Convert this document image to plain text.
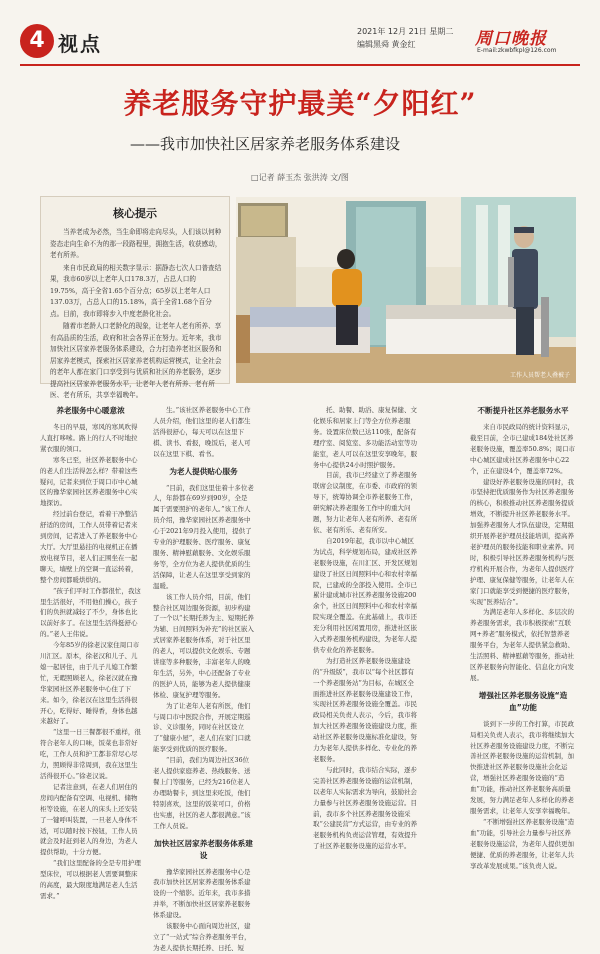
4 视点
2021年 12月 21日 星期二
编辑黑舜 黄金红	周口晚报
E-mail:zkwbfkpl@126.com
养老服务守护最美“夕阳红”
——我市加快社区居家养老服务体系建设
□记者 薛玉杰 张洪涛 文/图
核心提示

当养老成为必然，当生命即将走向尽头，人们该以何种姿态走向生命不为的那一段路程里，拥抱生活，收获感动，老有所养。

来自市民政局的相关数字显示：据静态七次人口普查结果，我市60岁以上老年人口178.3万，占总人口的19.75%，高于全省1.65个百分点；65岁以上老年人口137.03万，占总人口的15.18%，高于全省1.68个百分点。目前，我市即将步入中度老龄化社会。

随着市老龄人口老龄化的现象，让老年人老有所养、享有高品质的生活，政府和社会各界正在努力。近年来，我市加快社区居家养老服务体系建设，合力打造养老社区服务和居家养老模式，探索社区居家养老机构运营模式，让全社会的老年人都在家门口享受到与优质和社区的养老服务，逐步提高社区居家养老服务水平，让老年人老有所养、老有所医、老有所乐，共享幸福晚年。

工作人员帮老人叠被子
养老服务中心暖意浓

冬日的早晨，寒风的寒风吹得人直打哆嗦。路上的行人不时地拉紧衣服的领口。

寒冬已至，社区养老服务中心的老人们生活得怎么样？带着这些疑问，记者来到位于周口市中心城区的豫华家园社区养老服务中心实地探访。

经过前台登记，看着干净整洁舒适的房间，工作人员带着记者来到房间，记者进入了养老服务中心大厅。大厅里悬挂的电视机正在播放电视节目，老人们正围坐在一起聊天，墙壁上的空调一直运转着，整个房间都暖烘烘的。

“孩子们平时工作都很忙，我这里生活很好，不用他们操心，孩子们的负担就减轻了不少，身体也比以前好多了。在这里生活得挺舒心的。”老人王伟说。

今年85岁的徐老汉家住周口市川汇区。原本，徐老汉和儿子、儿媳一起居住，由于儿子儿媳工作繁忙，无暇照顾老人，徐老汉就在豫华家园社区养老服务中心住了下来。如今，徐老汉在这里生活得很开心，吃得好、睡得香，身体也越来越好了。

“这里一日三餐都很不重样，很符合老年人的口味，饭菜也非常好吃，工作人员和护工都非常尽心尽力，照顾得非常周到，我在这里生活得很开心。”徐老汉说。

记者注意到，在老人们居住的房间内配备有空调、电视机、储物柜等设施，在老人的床头上还安装了一键呼叫装置，一旦老人身体不适，可以随时按下按钮，工作人员就会及时赶到老人的身边，为老人提供帮助，十分方便。

“我们这里配备的全是专用护理型床位，可以根据老人需要调整床的高度，最大限度地满足老人生活需求。”

生。”该社区养老服务中心工作人员介绍，他们这里的老人们都生活得很舒心，每天可以在这里下棋、读书、看报，晚饭后，老人可以在这里下棋、看书。

为老人提供贴心服务

“目前，我们这里住着十多位老人，年龄都在69岁到90岁，全是属于需要照护的老年人。”该工作人员介绍，豫华家园社区养老服务中心于2021年9月投入使用，提供了专业的护理服务、医疗服务、康复服务、精神慰藉服务、文化娱乐服务等，全方位为老人提供优质的生活保障，让老人在这里享受到家的温暖。

该工作人员介绍，目前，他们整合社区周边服务资源，初步构建了一个以“长期托养为主、短期托养为辅、日间照料为补充”的社区嵌入式居家养老服务体系，对于社区里的老人，可以提供文化娱乐、专题讲座等多种服务，丰富老年人的晚年生活，另外，中心还配备了专业的医护人员，能够为老人提供健康体检、康复护理等服务。

为了让老年人老有所医，他们与周口市中医院合作，开展定期巡诊、义诊服务，同时在社区设立了“健康小屋”，老人们在家门口就能享受到优质的医疗服务。

“目前，我们为周边社区36位老人提供家庭养老、热线服务、送餐上门等服务，已经为216位老人办理助餐卡，到这里来吃饭，他们特别喜欢，这里的饭菜可口，价格也实惠，社区的老人都很满意。”该工作人员说。

加快社区居家养老服务体系建设

豫华家园社区养老服务中心是我市加快社区居家养老服务体系建设的一个缩影。近年来，我市多措并举，不断加快社区居家养老服务体系建设。

该服务中心面向周边社区，建立了“一站式”综合养老服务平台，为老人提供长期托养、日托、短

托、助餐、助浴、康复保健、文化娱乐和居家上门等全方位养老服务。设置床位数已达110张，配备有理疗室、阅览室、多功能活动室等功能室，老人可以在这里安享晚年，服务中心提供24小时照护服务。

目前，我市已经建立了养老服务联席会议制度，在市委、市政府的领导下，统筹协调全市养老服务工作，研究解决养老服务工作中的重大问题，努力让老年人老有所养、老有所依、老有所乐、老有所安。

自2019年起，我市以中心城区为试点，科学规划布局，建成社区养老服务设施，在川汇区、开发区规划建设了社区日间照料中心和农村幸福院，已建成的全部投入使用。全市已累计建成城市社区养老服务设施200余个，社区日间照料中心和农村幸福院实现全覆盖。在此基础上，我市还充分利用社区闲置用房，推进社区嵌入式养老服务机构建设，为老年人提供专业化的养老服务。

为打造社区养老服务设施建设的“升级版”，我市以“每个社区都有一个养老服务站”为目标，在城区全面推进社区养老服务设施建设工作，实现社区养老服务设施全覆盖。市民政局相关负责人表示，今后，我市将加大社区养老服务设施建设力度，推动社区养老服务设施标准化建设，努力为老年人提供多样化、专业化的养老服务。

与此同时，我市结合实际，逐步完善社区养老服务设施的运营机制，以老年人实际需求为导向，鼓励社会力量参与社区养老服务设施运营。目前，我市多个社区养老服务设施采取“公建民营”方式运营，由专业的养老服务机构负责运营管理，有效提升了社区养老服务设施的运营水平。

不断提升社区养老服务水平

来自市民政局的统计资料显示，截至目前，全市已建成184处社区养老服务设施，覆盖率50.8%；周口市中心城区建成社区养老服务中心22个，正在建设4个，覆盖率72%。

建设好养老服务设施的同时，我市坚持把优质服务作为社区养老服务的核心，积极推动社区养老服务提质增效，不断提升社区养老服务水平。加强养老服务人才队伍建设，定期组织开展养老护理员技能培训，提高养老护理员的服务技能和职业素养。同时，积极引导社区养老服务机构与医疗机构开展合作，为老年人提供医疗护理、康复保健等服务，让老年人在家门口就能享受到便捷的医疗服务，实现“医养结合”。

为满足老年人多样化、多层次的养老服务需求，我市积极探索“互联网+养老”服务模式，依托智慧养老服务平台，为老年人提供紧急救助、生活照料、精神慰藉等服务，推动社区养老服务向智能化、信息化方向发展。

增强社区养老服务设施“造血”功能

谈到下一步的工作打算，市民政局相关负责人表示，我市将继续加大社区养老服务设施建设力度，不断完善社区养老服务设施的运营机制，加快推进社区养老服务设施社会化运营，增强社区养老服务设施的“造血”功能，推动社区养老服务高质量发展，努力满足老年人多样化的养老服务需求，让老年人安享幸福晚年。

“不断增强社区养老服务设施“造血”功能，引导社会力量参与社区养老服务设施运营，为老年人提供更加便捷、优质的养老服务，让老年人共享改革发展成果。”该负责人说。
